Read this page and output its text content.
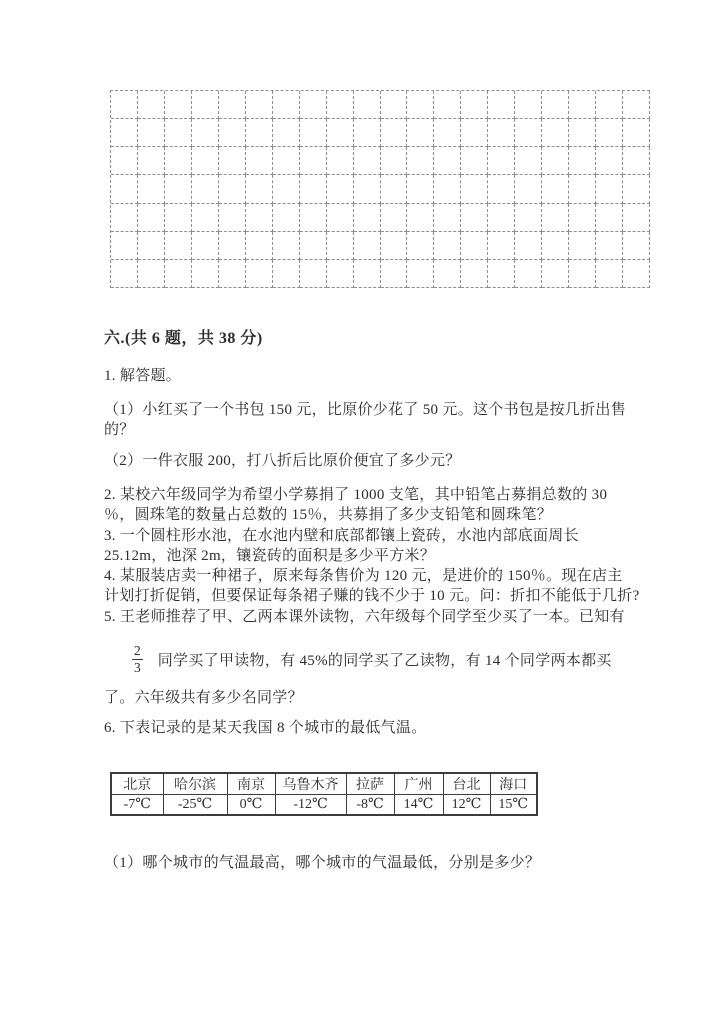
六.(共 6 题，共 38 分)
1. 解答题。
（1）小红买了一个书包 150 元，比原价少花了 50 元。这个书包是按几折出售
的？
（2）一件衣服 200，打八折后比原价便宜了多少元？
2. 某校六年级同学为希望小学募捐了 1000 支笔，其中铅笔占募捐总数的 30
％，圆珠笔的数量占总数的 15％，共募捐了多少支铅笔和圆珠笔？
3. 一个圆柱形水池，在水池内壁和底部都镶上瓷砖，水池内部底面周长
25.12m，池深 2m，镶瓷砖的面积是多少平方米？
4. 某服装店卖一种裙子，原来每条售价为 120 元，是进价的 150％。现在店主
计划打折促销，但要保证每条裙子赚的钱不少于 10 元。问：折扣不能低于几折?
5. 王老师推荐了甲、乙两本课外读物，六年级每个同学至少买了一本。已知有
$\frac{2}{3}$ 同学买了甲读物，有 45%的同学买了乙读物，有 14 个同学两本都买
了。六年级共有多少名同学？
6. 下表记录的是某天我国 8 个城市的最低气温。
北京	哈尔滨	南京	乌鲁木齐	拉萨	广州	台北	海口
-7℃	-25℃	0℃	-12℃	-8℃	14℃	12℃	15℃
（1）哪个城市的气温最高，哪个城市的气温最低，分别是多少？
